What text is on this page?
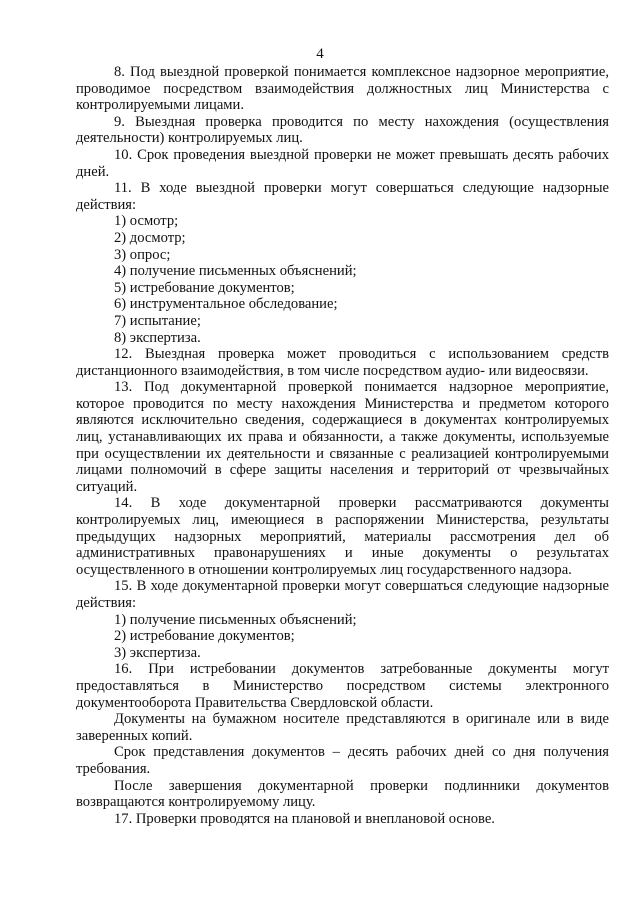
4

8. Под выездной проверкой понимается комплексное надзорное мероприятие, проводимое посредством взаимодействия должностных лиц Министерства с контролируемыми лицами.

9. Выездная проверка проводится по месту нахождения (осуществления деятельности) контролируемых лиц.

10. Срок проведения выездной проверки не может превышать десять рабочих дней.

11. В ходе выездной проверки могут совершаться следующие надзорные действия:

1) осмотр;

2) досмотр;

3) опрос;

4) получение письменных объяснений;

5) истребование документов;

6) инструментальное обследование;

7) испытание;

8) экспертиза.

12. Выездная проверка может проводиться с использованием средств дистанционного взаимодействия, в том числе посредством аудио- или видеосвязи.

13. Под документарной проверкой понимается надзорное мероприятие, которое проводится по месту нахождения Министерства и предметом которого являются исключительно сведения, содержащиеся в документах контролируемых лиц, устанавливающих их права и обязанности, а также документы, используемые при осуществлении их деятельности и связанные с реализацией контролируемыми лицами полномочий в сфере защиты населения и территорий от чрезвычайных ситуаций.

14. В ходе документарной проверки рассматриваются документы контролируемых лиц, имеющиеся в распоряжении Министерства, результаты предыдущих надзорных мероприятий, материалы рассмотрения дел об административных правонарушениях и иные документы о результатах осуществленного в отношении контролируемых лиц государственного надзора.

15. В ходе документарной проверки могут совершаться следующие надзорные действия:

1) получение письменных объяснений;

2) истребование документов;

3) экспертиза.

16. При истребовании документов затребованные документы могут предоставляться в Министерство посредством системы электронного документооборота Правительства Свердловской области.

Документы на бумажном носителе представляются в оригинале или в виде заверенных копий.

Срок представления документов – десять рабочих дней со дня получения требования.

После завершения документарной проверки подлинники документов возвращаются контролируемому лицу.

17. Проверки проводятся на плановой и внеплановой основе.
